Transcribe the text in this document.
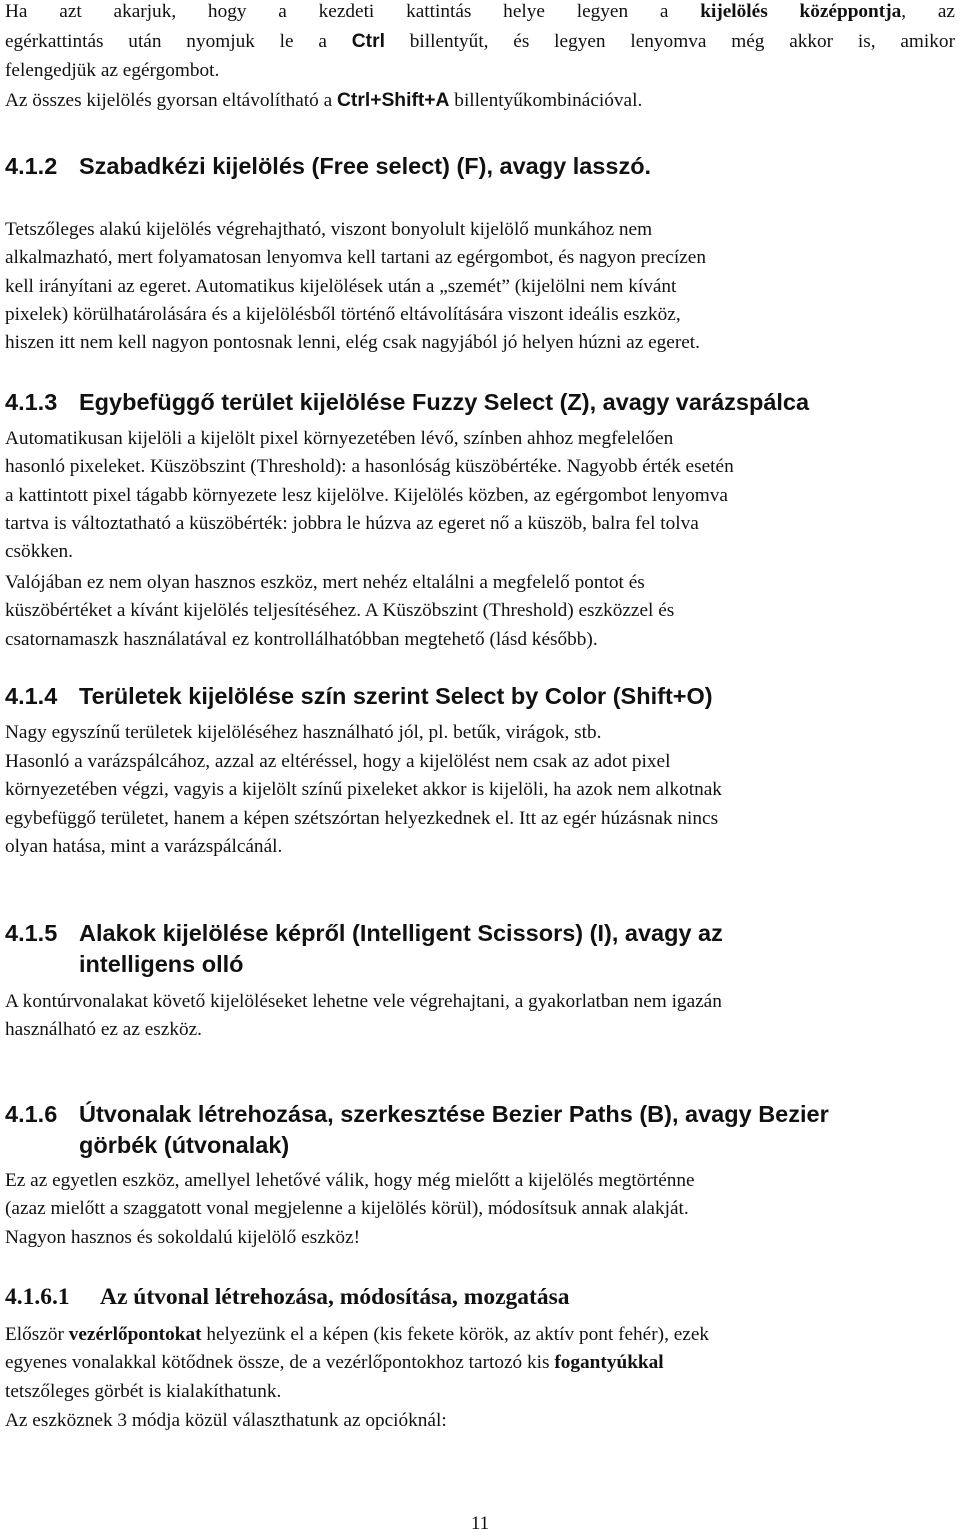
Ha azt akarjuk, hogy a kezdeti kattintás helye legyen a kijelölés középpontja, az
egérkattintás után nyomjuk le a Ctrl billentyűt, és legyen lenyomva még akkor is, amikor
felengedjük az egérgombot.
Az összes kijelölés gyorsan eltávolítható a Ctrl+Shift+A billentyűkombinációval.
4.1.2 Szabadkézi kijelölés (Free select) (F), avagy lasszó.
Tetszőleges alakú kijelölés végrehajtható, viszont bonyolult kijelölő munkához nem
alkalmazható, mert folyamatosan lenyomva kell tartani az egérgombot, és nagyon precízen
kell irányítani az egeret. Automatikus kijelölések után a „szemét” (kijelölni nem kívánt
pixelek) körülhatárolására és a kijelölésből történő eltávolítására viszont ideális eszköz,
hiszen itt nem kell nagyon pontosnak lenni, elég csak nagyjából jó helyen húzni az egeret.
4.1.3 Egybefüggő terület kijelölése Fuzzy Select (Z), avagy varázspálca
Automatikusan kijelöli a kijelölt pixel környezetében lévő, színben ahhoz megfelelően
hasonló pixeleket. Küszöbszint (Threshold): a hasonlóság küszöbértéke. Nagyobb érték esetén
a kattintott pixel tágabb környezete lesz kijelölve. Kijelölés közben, az egérgombot lenyomva
tartva is változtatható a küszöbérték: jobbra le húzva az egeret nő a küszöb, balra fel tolva
csökken.
Valójában ez nem olyan hasznos eszköz, mert nehéz eltalálni a megfelelő pontot és
küszöbértéket a kívánt kijelölés teljesítéséhez. A Küszöbszint (Threshold) eszközzel és
csatornamaszk használatával ez kontrollálhatóbban megtehető (lásd később).
4.1.4 Területek kijelölése szín szerint Select by Color (Shift+O)
Nagy egyszínű területek kijelöléséhez használható jól, pl. betűk, virágok, stb.
Hasonló a varázspálcához, azzal az eltéréssel, hogy a kijelölést nem csak az adot pixel
környezetében végzi, vagyis a kijelölt színű pixeleket akkor is kijelöli, ha azok nem alkotnak
egybefüggő területet, hanem a képen szétszórtan helyezkednek el. Itt az egér húzásnak nincs
olyan hatása, mint a varázspálcánál.
4.1.5 Alakok kijelölése képről (Intelligent Scissors) (I), avagy az
intelligens olló
A kontúrvonalakat követő kijelöléseket lehetne vele végrehajtani, a gyakorlatban nem igazán
használható ez az eszköz.
4.1.6 Útvonalak létrehozása, szerkesztése Bezier Paths (B), avagy Bezier
görbék (útvonalak)
Ez az egyetlen eszköz, amellyel lehetővé válik, hogy még mielőtt a kijelölés megtörténne
(azaz mielőtt a szaggatott vonal megjelenne a kijelölés körül), módosítsuk annak alakját.
Nagyon hasznos és sokoldalú kijelölő eszköz!
4.1.6.1 Az útvonal létrehozása, módosítása, mozgatása
Először vezérlőpontokat helyezünk el a képen (kis fekete körök, az aktív pont fehér), ezek
egyenes vonalakkal kötődnek össze, de a vezérlőpontokhoz tartozó kis fogantyúkkal
tetszőleges görbét is kialakíthatunk.
Az eszköznek 3 módja közül választhatunk az opcióknál:
11
